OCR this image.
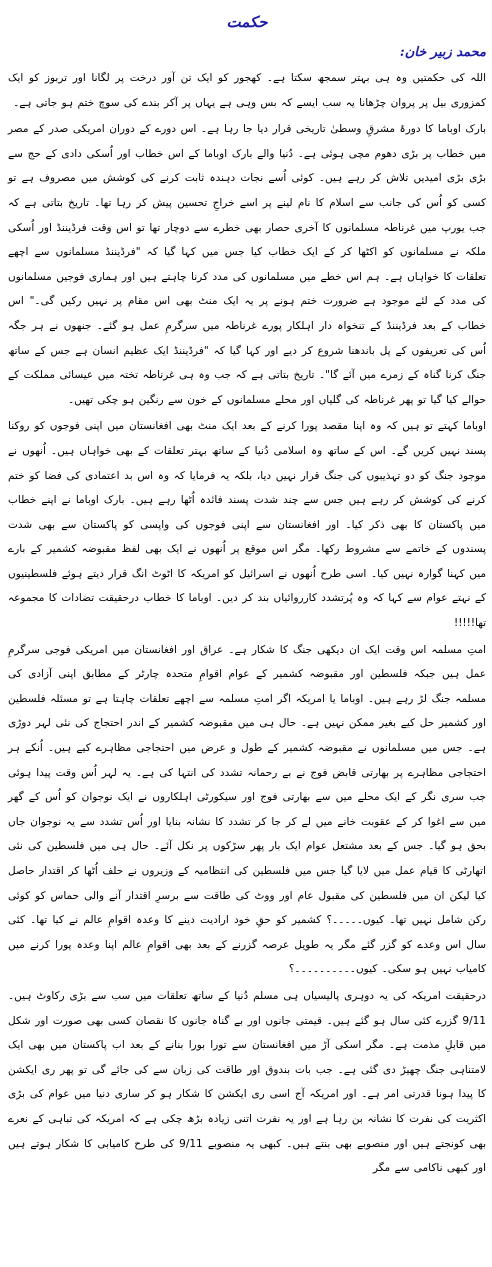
حکمت
محمد زبیر خان:

اللہ کی حکمتیں وہ ہی بہتر سمجھ سکتا ہے۔ کھجور کو ایک تن آور درخت پر لگانا اور تربوز کو ایک کمزوری بیل پر پروان چڑھانا یہ سب ایسے کہ بس وہی ہے یہاں پر آکر بندے کی سوچ ختم ہو جاتی ہے۔

بارک اوباما کا دورۂ مشرقِ وسطیٰ تاریخی قرار دیا جا رہا ہے۔ اس دورے کے دوران امریکی صدر کے مصر میں خطاب پر بڑی دھوم مچی ہوئی ہے۔ دُنیا والے بارک اوباما کے اس خطاب اور اُسکی دادی کے حج سے بڑی بڑی امیدیں تلاش کر رہے ہیں۔ کوئی اُسے نجات دہندہ ثابت کرنے کی کوشش میں مصروف ہے تو کسی کو اُس کی جانب سے اسلام کا نام لینے پر اسے خراجِ تحسین پیش کر رہا تھا۔ تاریخ بتاتی ہے کہ جب یورپ میں غرناطہ مسلمانوں کا آخری حصار بھی خطرے سے دوچار تھا تو اس وقت فرڈیننڈ اور اُسکی ملکہ نے مسلمانوں کو اکٹھا کر کے ایک خطاب کیا جس میں کہا گیا کہ "فرڈیننڈ مسلمانوں سے اچھے تعلقات کا خواہاں ہے۔ ہم اس خطے میں مسلمانوں کی مدد کرنا چاہتے ہیں اور ہماری فوجیں مسلمانوں کی مدد کے لئے موجود ہے ضرورت ختم ہونے پر یہ ایک منٹ بھی اس مقام پر نہیں رکیں گی۔" اس خطاب کے بعد فرڈیننڈ کے تنخواہ دار اہلکار پورے غرناطہ میں سرگرمِ عمل ہو گئے۔ جنھوں نے ہر جگہ اُس کی تعریفوں کے پل باندھنا شروع کر دیے اور کہا گیا کہ "فرڈیننڈ ایک عظیم انسان ہے جس کے ساتھ جنگ کرنا گناہ کے زمرے میں آئے گا"۔ تاریخ بتاتی ہے کہ جب وہ ہی غرناطہ تختہ میں عیسائی مملکت کے حوالے کیا گیا تو پھر غرناطہ کی گلیاں اور محلے مسلمانوں کے خون سے رنگین ہو چکی تھیں۔

اوباما کہتے تو ہیں کہ وہ اپنا مقصد پورا کرنے کے بعد ایک منٹ بھی افغانستان میں اپنی فوجوں کو روکنا پسند نہیں کریں گے۔ اس کے ساتھ وہ اسلامی دُنیا کے ساتھ بہتر تعلقات کے بھی خواہاں ہیں۔ اُنھوں نے موجود جنگ کو دو تہذیبوں کی جنگ قرار نہیں دیا، بلکہ یہ فرمایا کہ وہ اس بد اعتمادی کی فضا کو ختم کرنے کی کوشش کر رہے ہیں جس سے چند شدت پسند فائدہ اُٹھا رہے ہیں۔ بارک اوباما نے اپنے خطاب میں پاکستان کا بھی ذکر کیا۔ اور افغانستان سے اپنی فوجوں کی واپسی کو پاکستان سے بھی شدت پسندوں کے خاتمے سے مشروط رکھا۔ مگر اس موقع پر اُنھوں نے ایک بھی لفظ مقبوضہ کشمیر کے بارے میں کہنا گوارہ نہیں کیا۔ اسی طرح اُنھوں نے اسرائیل کو امریکہ کا اٹوٹ انگ قرار دیتے ہوئے فلسطینیوں کے نہتے عوام سے کہا کہ وہ پُرتشدد کارروائیاں بند کر دیں۔ اوباما کا خطاب درحقیقت تضادات کا مجموعہ تھا!!!!!

امتِ مسلمہ اس وقت ایک ان دیکھی جنگ کا شکار ہے۔ عراق اور افغانستان میں امریکی فوجی سرگرمِ عمل ہیں جبکہ فلسطین اور مقبوضہ کشمیر کے عوام اقوامِ متحدہ چارٹر کے مطابق اپنی آزادی کی مسلمہ جنگ لڑ رہے ہیں۔ اوباما یا امریکہ اگر امتِ مسلمہ سے اچھے تعلقات چاہتا ہے تو مسئلہ فلسطین اور کشمیر حل کیے بغیر ممکن نہیں ہے۔ حال ہی میں مقبوضہ کشمیر کے اندر احتجاج کی نئی لہر دوڑی ہے۔ جس میں مسلمانوں نے مقبوضہ کشمیر کے طول و عرض میں احتجاجی مظاہرے کیے ہیں۔ اُنکے ہر احتجاجی مظاہرے پر بھارتی قابض فوج نے بے رحمانہ تشدد کی انتہا کی ہے۔ یہ لہر اُس وقت پیدا ہوئی جب سری نگر کے ایک محلے میں سے بھارتی فوج اور سیکورٹی اہلکاروں نے ایک نوجوان کو اُس کے گھر میں سے اغوا کر کے عقوبت خانے میں لے کر جا کر تشدد کا نشانہ بنایا اور اُس تشدد سے یہ نوجوان جاں بحق ہو گیا۔ جس کے بعد مشتعل عوام ایک بار پھر سڑکوں پر نکل آئے۔ حال ہی میں فلسطین کی نئی اتھارٹی کا قیام عمل میں لایا گیا جس میں فلسطین کی انتظامیہ کے وزیروں نے حلف اُٹھا کر اقتدار حاصل کیا لیکن ان میں فلسطین کی مقبول عام اور ووٹ کی طاقت سے برسرِ اقتدار آنے والی حماس کو کوئی رکن شامل نہیں تھا۔ کیوں۔۔۔۔۔؟ کشمیر کو حقِ خود ارادیت دینے کا وعدہ اقوامِ عالم نے کیا تھا۔ کئی سال اس وعدے کو گزر گئے مگر یہ طویل عرصہ گزرنے کے بعد بھی اقوامِ عالم اپنا وعدہ پورا کرنے میں کامیاب نہیں ہو سکی۔ کیوں۔۔۔۔۔۔۔۔۔۔؟

درحقیقت امریکہ کی یہ دوہری پالیسیاں ہی مسلم دُنیا کے ساتھ تعلقات میں سب سے بڑی رکاوٹ ہیں۔ 9/11 گزرے کئی سال ہو گئے ہیں۔ قیمتی جانوں اور بے گناہ جانوں کا نقصان کسی بھی صورت اور شکل میں قابلِ مذمت ہے۔ مگر اسکی آڑ میں افغانستان سے تورا بورا بنانے کے بعد اب پاکستان میں بھی ایک لامتناہی جنگ چھیڑ دی گئی ہے۔ جب بات بندوق اور طاقت کی زبان سے کی جائے گی تو پھر ری ایکشن کا پیدا ہونا قدرتی امر ہے۔ اور امریکہ آج اسی ری ایکشن کا شکار ہو کر ساری دنیا میں عوام کی بڑی اکثریت کی نفرت کا نشانہ بن رہا ہے اور یہ نفرت اتنی زیادہ بڑھ چکی ہے کہ امریکہ کی تباہی کے نعرے بھی کونجتے ہیں اور منصوبے بھی بنتے ہیں۔ کبھی یہ منصوبے 9/11 کی طرح کامیابی کا شکار ہوتے ہیں اور کبھی ناکامی سے مگر
